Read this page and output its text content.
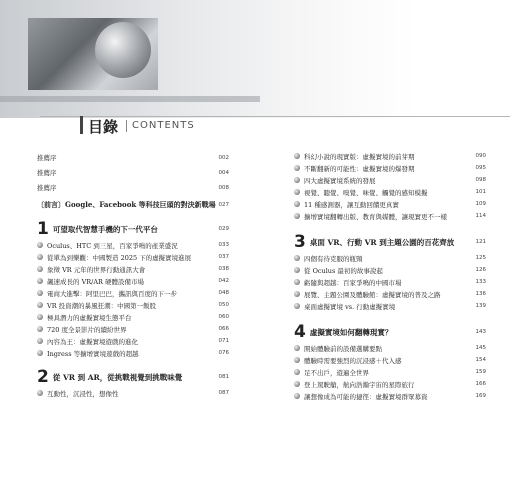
目錄 CONTENTS
推薦序	002
推薦序	004
推薦序	008
〔前言〕Google、Facebook 等科技巨頭的對決新戰場 027
1 可望取代智慧手機的下一代平台	029
Oculus、HTC 到三星，百家爭鳴的產業盛況	033
從單為到樂觀：中國製造 2025 下的虛擬實境進展	037
象徵 VR 元年的世界行動通訊大會	038
飆速成長的 VR/AR 硬體設備市場	042
電商大進擊：阿里巴巴，攜訊與百度的下一步	048
VR 投資潮的暴風狂潮：中國第一飯股	050
極具潛力的虛擬實境生態平台	060
720 度全景影片的續紛世界	066
內容為王：虛擬實境遊戲的進化	071
Ingress 等擴增實境遊戲的超越	076
2 從 VR 到 AR，從挑戰視覺到挑戰味覺	081
互動性，沉浸性，想像性	087
科幻小說的現實版：虛擬實境的前芽期	090
不斷翻新的可能性：虛擬實境的爆發期	095
四大虛擬實境系統的發展	098
視覺、聽覺、嗅覺、味覺、觸覺的感知模擬	101
11 種感測器，讓互動回饋更真實	109
擴增實境翻轉出版、教育與媒體，讓現實更不一樣	114
3 桌面 VR、行動 VR 到主題公園的百花齊放	121
四個有待克服的瓶頸	125
從 Oculus 最初的故事說起	126
虧隨與超越：百家爭鳴的中國市場	133
展覽、主題公園及體驗館：虛擬實境的普及之路	136
桌面虛擬實境 vs. 行動虛擬實境	139
4 虛擬實境如何翻轉現實？	143
開始體驗前的設備選購要點	145
體驗時需要強烈的沉浸感＋代入感	154
足不出戶，遊遍全世界	159
登上駕駛艙，航向浩瀚宇宙的星際旅行	166
讓想像成為可能的捷徑：虛擬實境群眾募資	169
